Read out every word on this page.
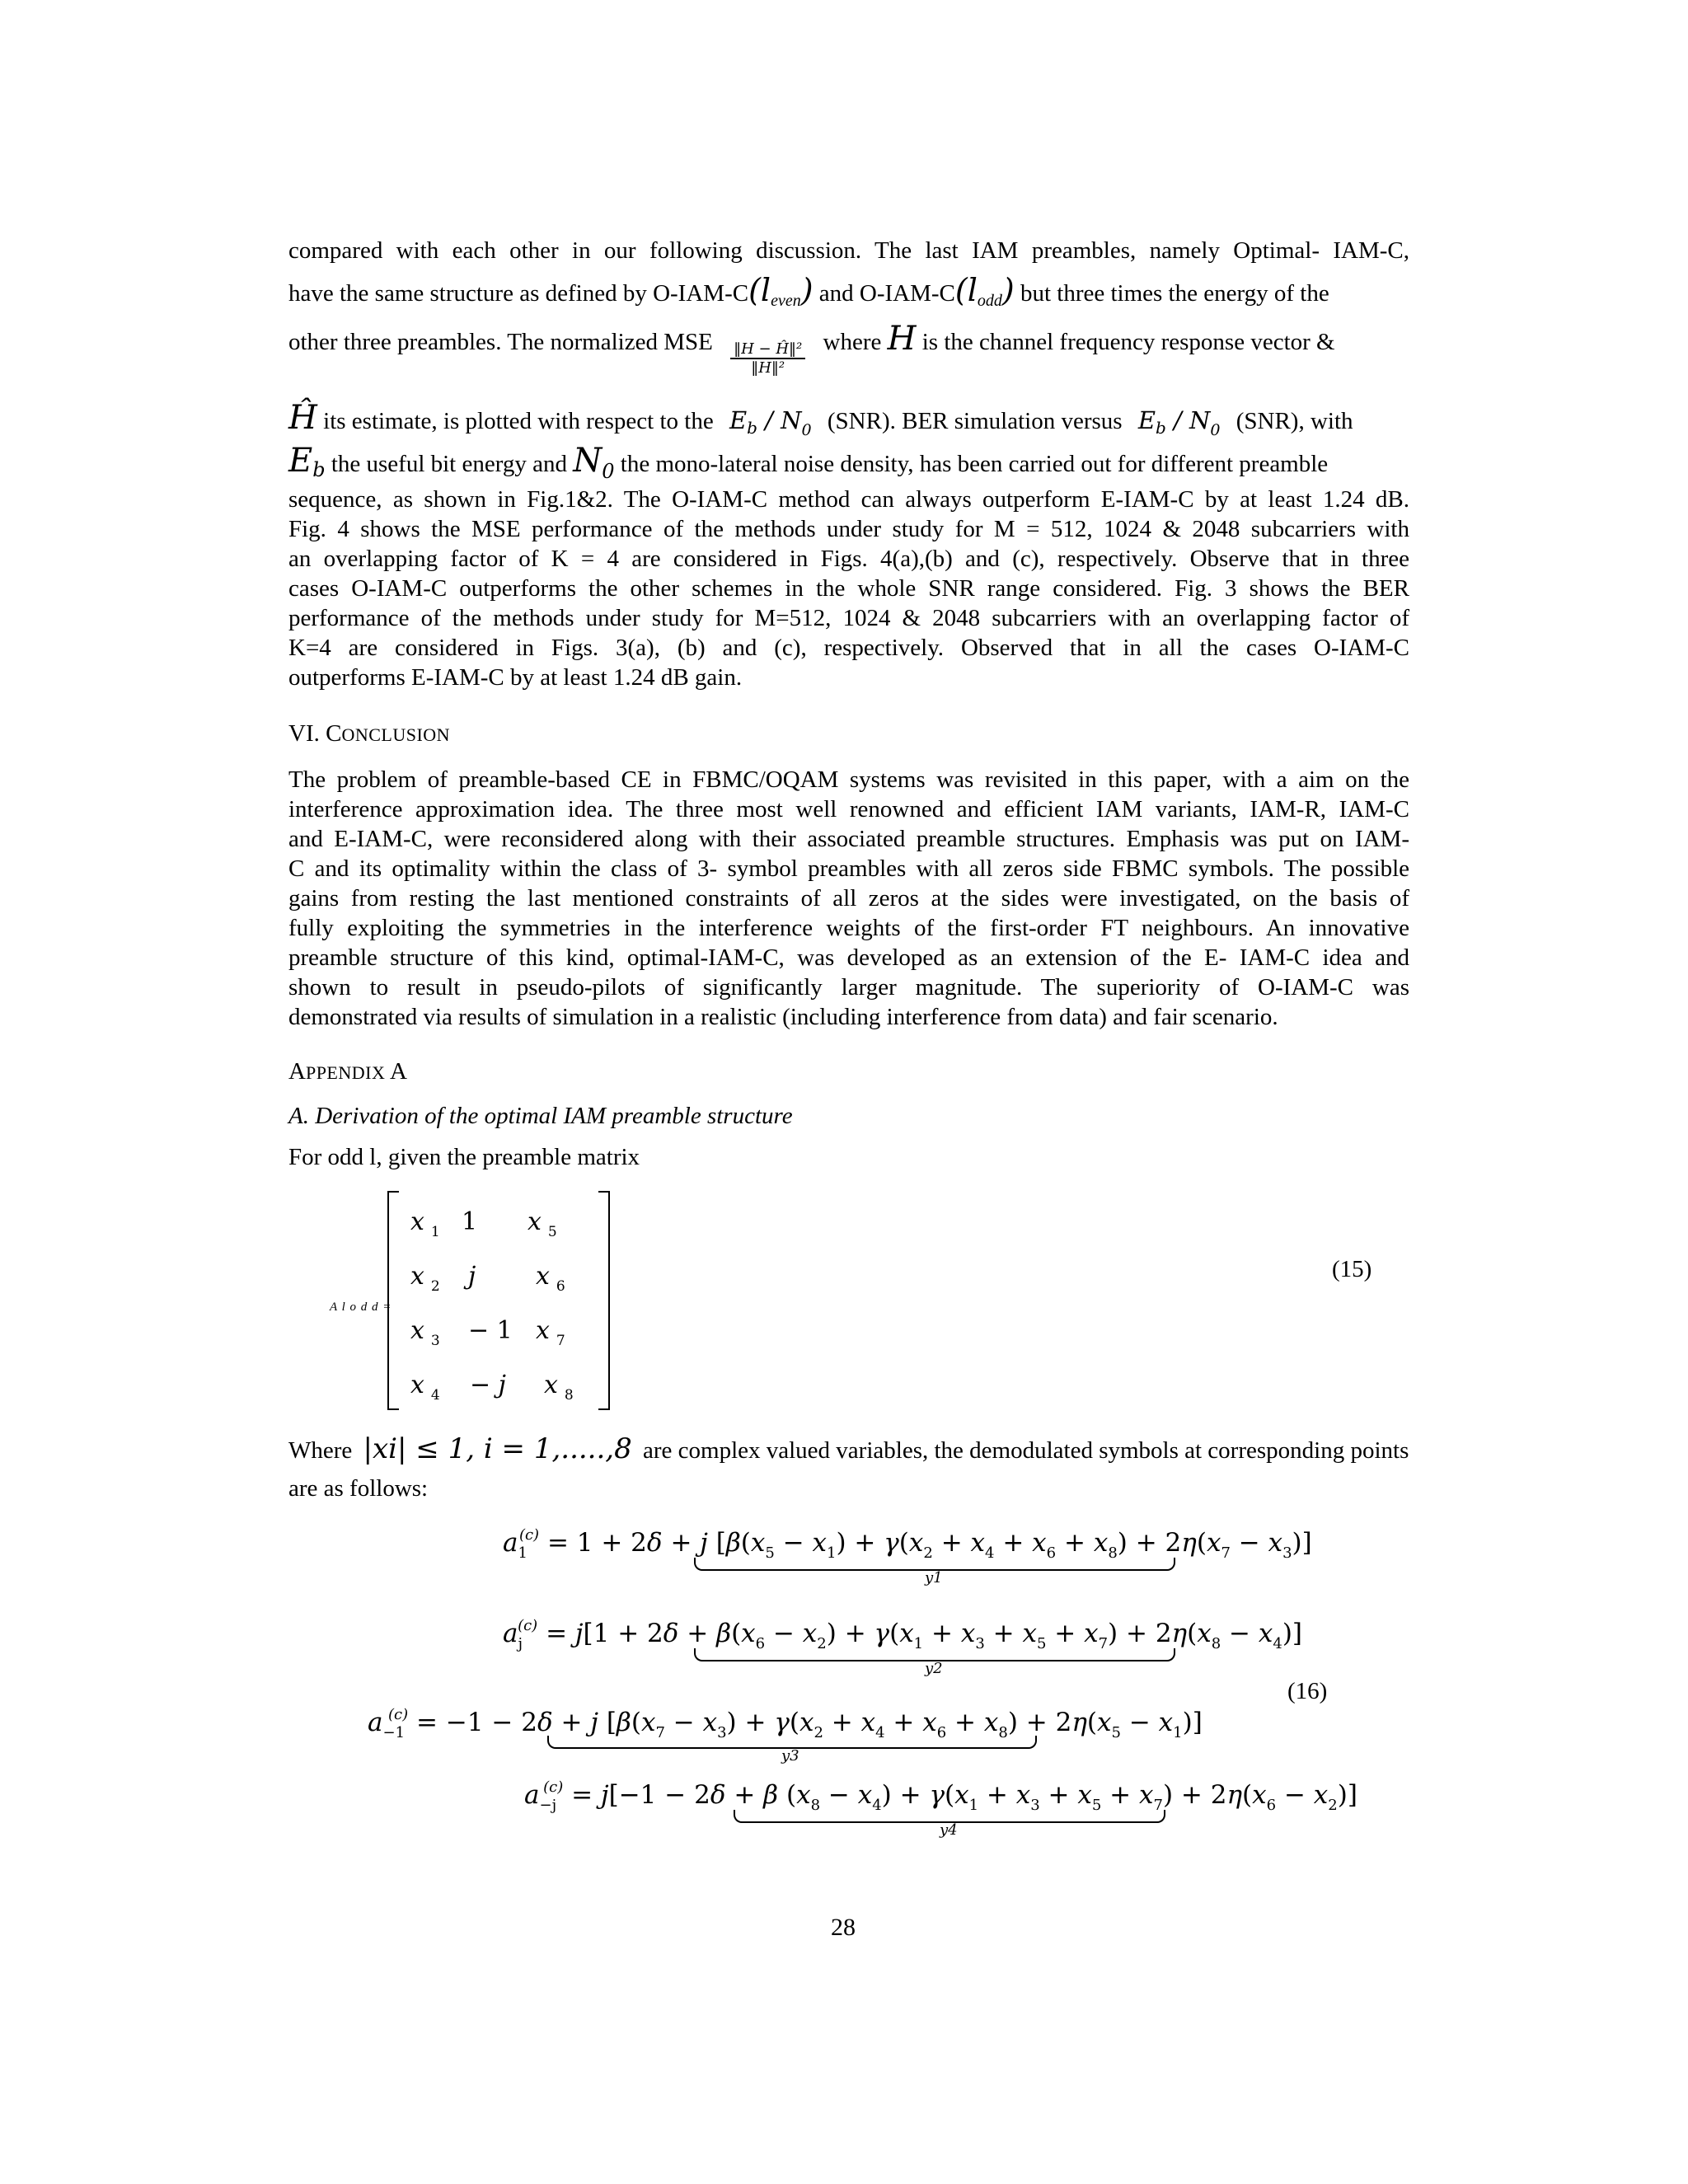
compared with each other in our following discussion. The last IAM preambles, namely Optimal- IAM-C,
have the same structure as defined by $O-IAM-C(l_{even})$ and $O-IAM-C(l_{odd})$ but three times the energy of the
other three preambles. The normalized MSE $\frac{\text{‖H − Ĥ‖²}}{\text{‖H‖²}}$ where H is the channel frequency response vector &
Ĥ its estimate, is plotted with respect to the $E_b / N_0$ (SNR). BER simulation versus $E_b / N_0$ (SNR), with
$E_b$ the useful bit energy and $N_0$ the mono-lateral noise density, has been carried out for different preamble
sequence, as shown in Fig.1&2. The O-IAM-C method can always outperform E-IAM-C by at least 1.24 dB.
Fig. 4 shows the MSE performance of the methods under study for M = 512, 1024 & 2048 subcarriers with
an overlapping factor of K = 4 are considered in Figs. 4(a),(b) and (c), respectively. Observe that in three
cases O-IAM-C outperforms the other schemes in the whole SNR range considered. Fig. 3 shows the BER
performance of the methods under study for M=512, 1024 & 2048 subcarriers with an overlapping factor of
K=4 are considered in Figs. 3(a), (b) and (c), respectively. Observed that in all the cases O-IAM-C
outperforms E-IAM-C by at least 1.24 dB gain.
VI. CONCLUSION
The problem of preamble-based CE in FBMC/OQAM systems was revisited in this paper, with a aim on the
interference approximation idea. The three most well renowned and efficient IAM variants, IAM-R, IAM-C
and E-IAM-C, were reconsidered along with their associated preamble structures. Emphasis was put on IAM-
C and its optimality within the class of 3- symbol preambles with all zeros side FBMC symbols. The possible
gains from resting the last mentioned constraints of all zeros at the sides were investigated, on the basis of
fully exploiting the symmetries in the interference weights of the first-order FT neighbours. An innovative
preamble structure of this kind, optimal-IAM-C, was developed as an extension of the E- IAM-C idea and
shown to result in pseudo-pilots of significantly larger magnitude. The superiority of O-IAM-C was
demonstrated via results of simulation in a realistic (including interference from data) and fair scenario.
APPENDIX A
A. Derivation of the optimal IAM preamble structure
For odd l, given the preamble matrix
A l o d d =
x $_1$ 1 x $_5$
x $_2$ j x $_6$
x $_3$ − 1 x $_7$
x $_4$ − j x $_8$
(15)
Where |xi| ≤ 1, i = 1,.....,8 are complex valued variables, the demodulated symbols at corresponding points
are as follows:
$a_1^{(c)} = 1 + 2\delta + j$ $[\beta(x_5 - x_1) + \gamma(x_2 + x_4 + x_6 + x_8) + 2\eta(x_7 - x_3)]$
y1
$a_j^{(c)} = j[1 + 2\delta + \beta(x_6 - x_2) + \gamma(x_1 + x_3 + x_5 + x_7) + 2\eta(x_8 - x_4)]$
y2
$a_{-1}^{(c)} = -1 - 2\delta + j$ $[\beta(x_7 - x_3) + \gamma(x_2 + x_4 + x_6 + x_8) + 2\eta(x_5 - x_1)]$
y3
(16)
$a_{-j}^{(c)} = j[-1 - 2\delta + \beta$ $(x_8 - x_4) + \gamma(x_1 + x_3 + x_5 + x_7) + 2\eta(x_6 - x_2)$]
y4
28
